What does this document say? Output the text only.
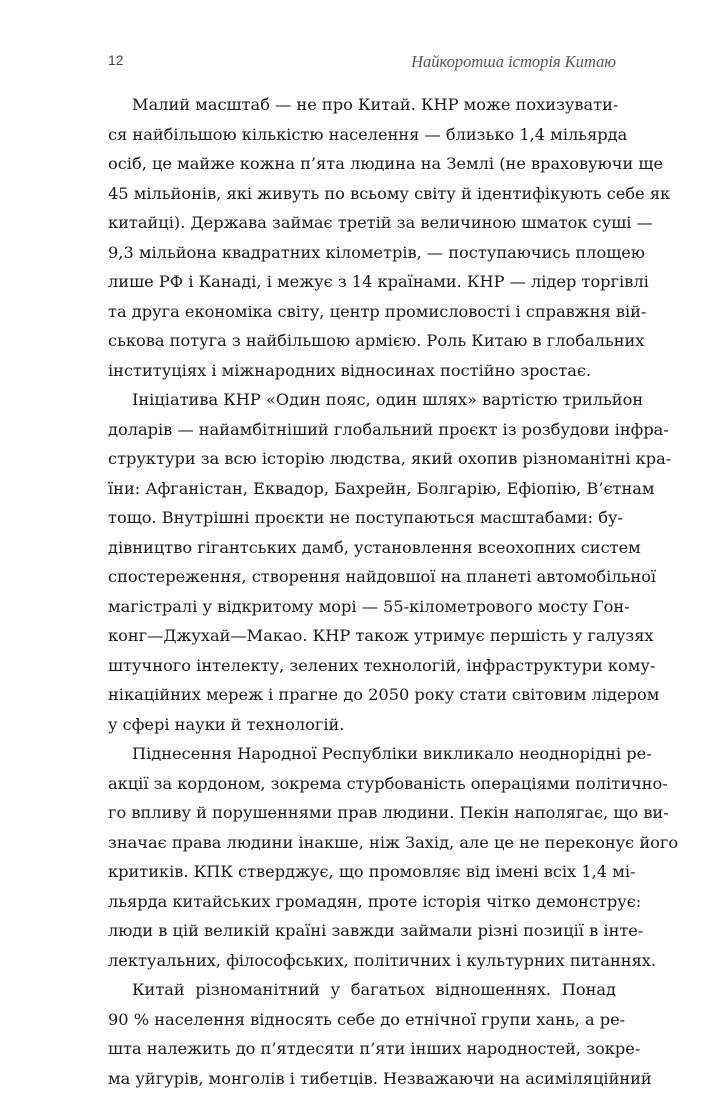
12	Найкоротша історія Китаю
Малий масштаб — не про Китай. КНР може похизувати-
ся найбільшою кількістю населення — близько 1,4 мільярда
осіб, це майже кожна п’ята людина на Землі (не враховуючи ще
45 мільйонів, які живуть по всьому світу й ідентифікують себе як
китайці). Держава займає третій за величиною шматок суші —
9,3 мільйона квадратних кілометрів, — поступаючись площею
лише РФ і Канаді, і межує з 14 країнами. КНР — лідер торгівлі
та друга економіка світу, центр промисловості і справжня вій-
ськова потуга з найбільшою армією. Роль Китаю в глобальних
інституціях і міжнародних відносинах постійно зростає.
Ініціатива КНР «Один пояс, один шлях» вартістю трильйон
доларів — найамбітніший глобальний проєкт із розбудови інфра-
структури за всю історію людства, який охопив різноманітні кра-
їни: Афганістан, Еквадор, Бахрейн, Болгарію, Ефіопію, В’єтнам
тощо. Внутрішні проєкти не поступаються масштабами: бу-
дівництво гігантських дамб, установлення всеохопних систем
спостереження, створення найдовшої на планеті автомобільної
магістралі у відкритому морі — 55-кілометрового мосту Гон-
конг—Джухай—Макао. КНР також утримує першість у галузях
штучного інтелекту, зелених технологій, інфраструктури кому-
нікаційних мереж і прагне до 2050 року стати світовим лідером
у сфері науки й технологій.
Піднесення Народної Республіки викликало неоднорідні ре-
акції за кордоном, зокрема стурбованість операціями політично-
го впливу й порушеннями прав людини. Пекін наполягає, що ви-
значає права людини інакше, ніж Захід, але це не переконує його
критиків. КПК стверджує, що промовляє від імені всіх 1,4 мі-
льярда китайських громадян, проте історія чітко демонструє:
люди в цій великій країні завжди займали різні позиції в інте-
лектуальних, філософських, політичних і культурних питаннях.
Китай різноманітний у багатьох відношеннях. Понад
90 % населення відносять себе до етнічної групи хань, а ре-
шта належить до п’ятдесяти п’яти інших народностей, зокре-
ма уйгурів, монголів і тибетців. Незважаючи на асиміляційний
